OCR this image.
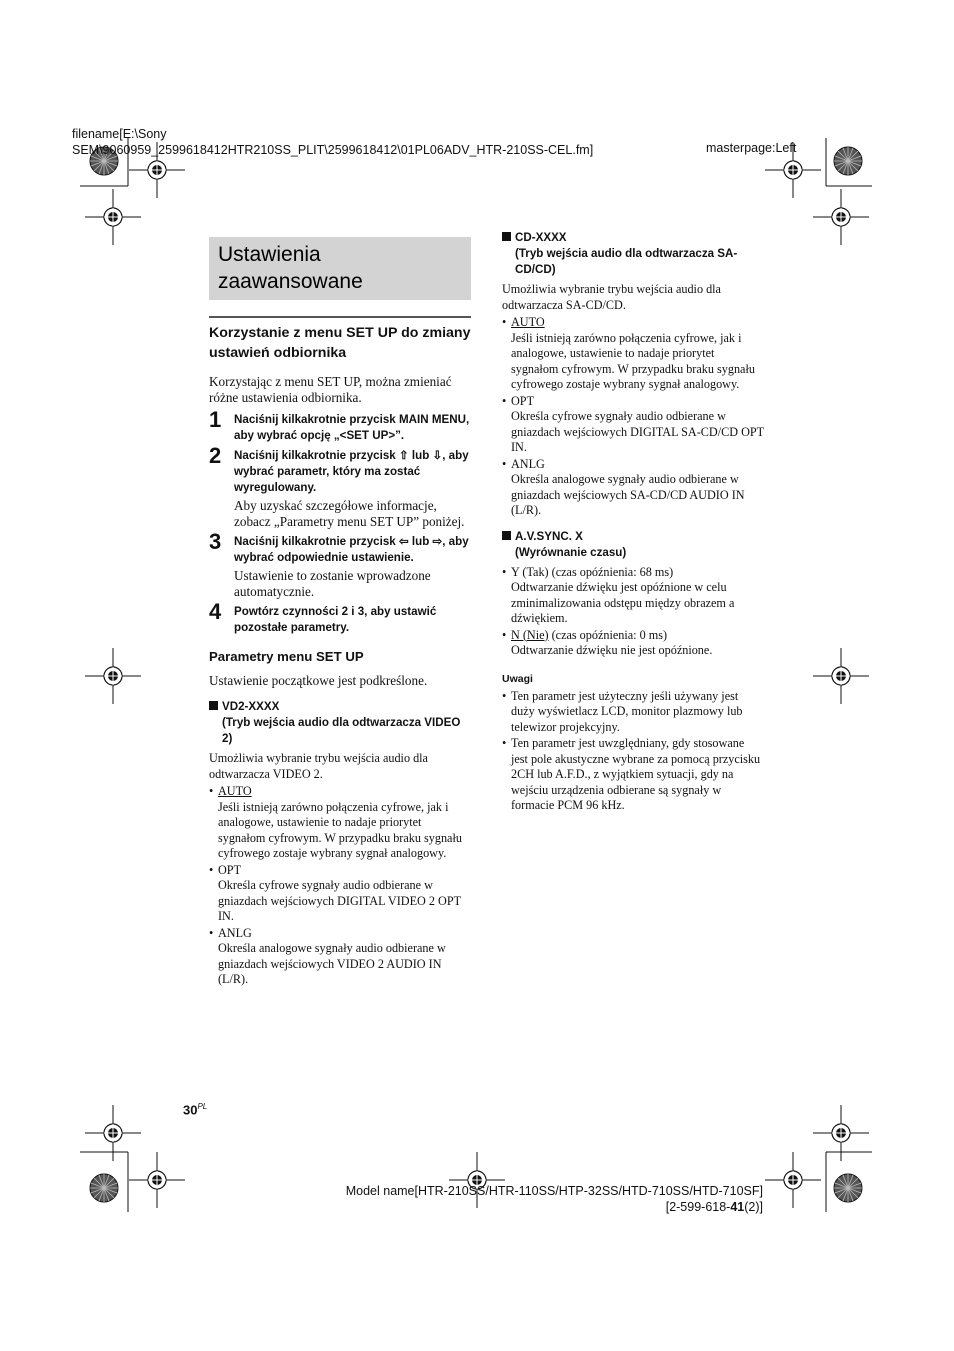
filename[E:\Sony
SEM\9060959_2599618412HTR210SS_PLIT\2599618412\01PL06ADV_HTR-210SS-CEL.fm]	masterpage:Left
Ustawienia
zaawansowane
Korzystanie z menu SET UP do zmiany ustawień odbiornika

Korzystając z menu SET UP, można zmieniać różne ustawienia odbiornika.

1 Naciśnij kilkakrotnie przycisk MAIN MENU, aby wybrać opcję „<SET UP>”.
2 Naciśnij kilkakrotnie przycisk ⇧ lub ⇩, aby wybrać parametr, który ma zostać wyregulowany.
Aby uzyskać szczegółowe informacje, zobacz „Parametry menu SET UP” poniżej.
3 Naciśnij kilkakrotnie przycisk ⇦ lub ⇨, aby wybrać odpowiednie ustawienie.
Ustawienie to zostanie wprowadzone automatycznie.
4 Powtórz czynności 2 i 3, aby ustawić pozostałe parametry.
Parametry menu SET UP

Ustawienie początkowe jest podkreślone.

VD2-XXXX
(Tryb wejścia audio dla odtwarzacza VIDEO 2)
Umożliwia wybranie trybu wejścia audio dla odtwarzacza VIDEO 2.
• AUTO
Jeśli istnieją zarówno połączenia cyfrowe, jak i analogowe, ustawienie to nadaje priorytet sygnałom cyfrowym. W przypadku braku sygnału cyfrowego zostaje wybrany sygnał analogowy.
• OPT
Określa cyfrowe sygnały audio odbierane w gniazdach wejściowych DIGITAL VIDEO 2 OPT IN.
• ANLG
Określa analogowe sygnały audio odbierane w gniazdach wejściowych VIDEO 2 AUDIO IN (L/R).
CD-XXXX
(Tryb wejścia audio dla odtwarzacza SA-CD/CD)
Umożliwia wybranie trybu wejścia audio dla odtwarzacza SA-CD/CD.
• AUTO
Jeśli istnieją zarówno połączenia cyfrowe, jak i analogowe, ustawienie to nadaje priorytet sygnałom cyfrowym. W przypadku braku sygnału cyfrowego zostaje wybrany sygnał analogowy.
• OPT
Określa cyfrowe sygnały audio odbierane w gniazdach wejściowych DIGITAL SA-CD/CD OPT IN.
• ANLG
Określa analogowe sygnały audio odbierane w gniazdach wejściowych SA-CD/CD AUDIO IN (L/R).
A.V.SYNC. X
(Wyrównanie czasu)
• Y (Tak) (czas opóźnienia: 68 ms)
Odtwarzanie dźwięku jest opóźnione w celu zminimalizowania odstępu między obrazem a dźwiękiem.
• N (Nie) (czas opóźnienia: 0 ms)
Odtwarzanie dźwięku nie jest opóźnione.
Uwagi
• Ten parametr jest użyteczny jeśli używany jest duży wyświetlacz LCD, monitor plazmowy lub telewizor projekcyjny.
• Ten parametr jest uwzględniany, gdy stosowane jest pole akustyczne wybrane za pomocą przycisku 2CH lub A.F.D., z wyjątkiem sytuacji, gdy na wejściu urządzenia odbierane są sygnały w formacie PCM 96 kHz.
$30^{PL}$
Model name[HTR-210SS/HTR-110SS/HTP-32SS/HTD-710SS/HTD-710SF]
[2-599-618-41(2)]
